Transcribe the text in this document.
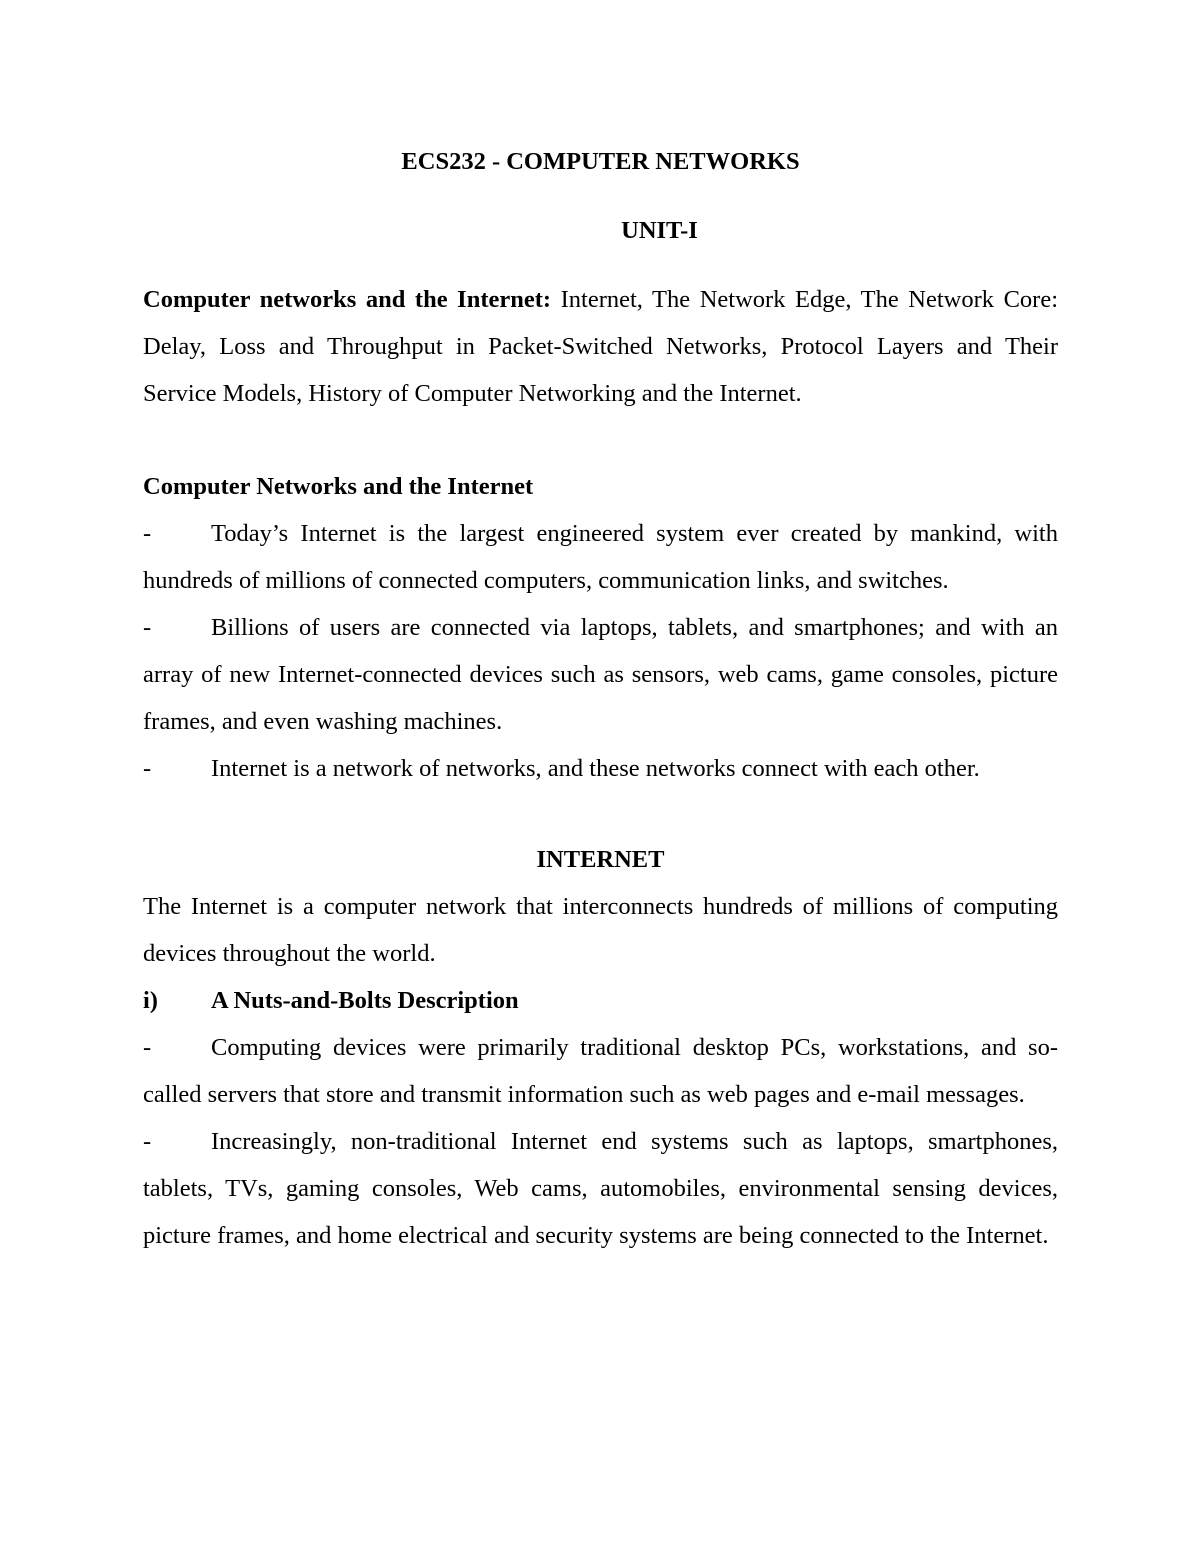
ECS232 - COMPUTER NETWORKS

UNIT-I

Computer networks and the Internet: Internet, The Network Edge, The Network Core: Delay, Loss and Throughput in Packet-Switched Networks, Protocol Layers and Their Service Models, History of Computer Networking and the Internet.

Computer Networks and the Internet

- Today’s Internet is the largest engineered system ever created by mankind, with hundreds of millions of connected computers, communication links, and switches.
- Billions of users are connected via laptops, tablets, and smartphones; and with an array of new Internet-connected devices such as sensors, web cams, game consoles, picture frames, and even washing machines.
- Internet is a network of networks, and these networks connect with each other.

INTERNET

The Internet is a computer network that interconnects hundreds of millions of computing devices throughout the world.

i) A Nuts-and-Bolts Description
- Computing devices were primarily traditional desktop PCs, workstations, and so-called servers that store and transmit information such as web pages and e-mail messages.
- Increasingly, non-traditional Internet end systems such as laptops, smartphones, tablets, TVs, gaming consoles, Web cams, automobiles, environmental sensing devices, picture frames, and home electrical and security systems are being connected to the Internet.
